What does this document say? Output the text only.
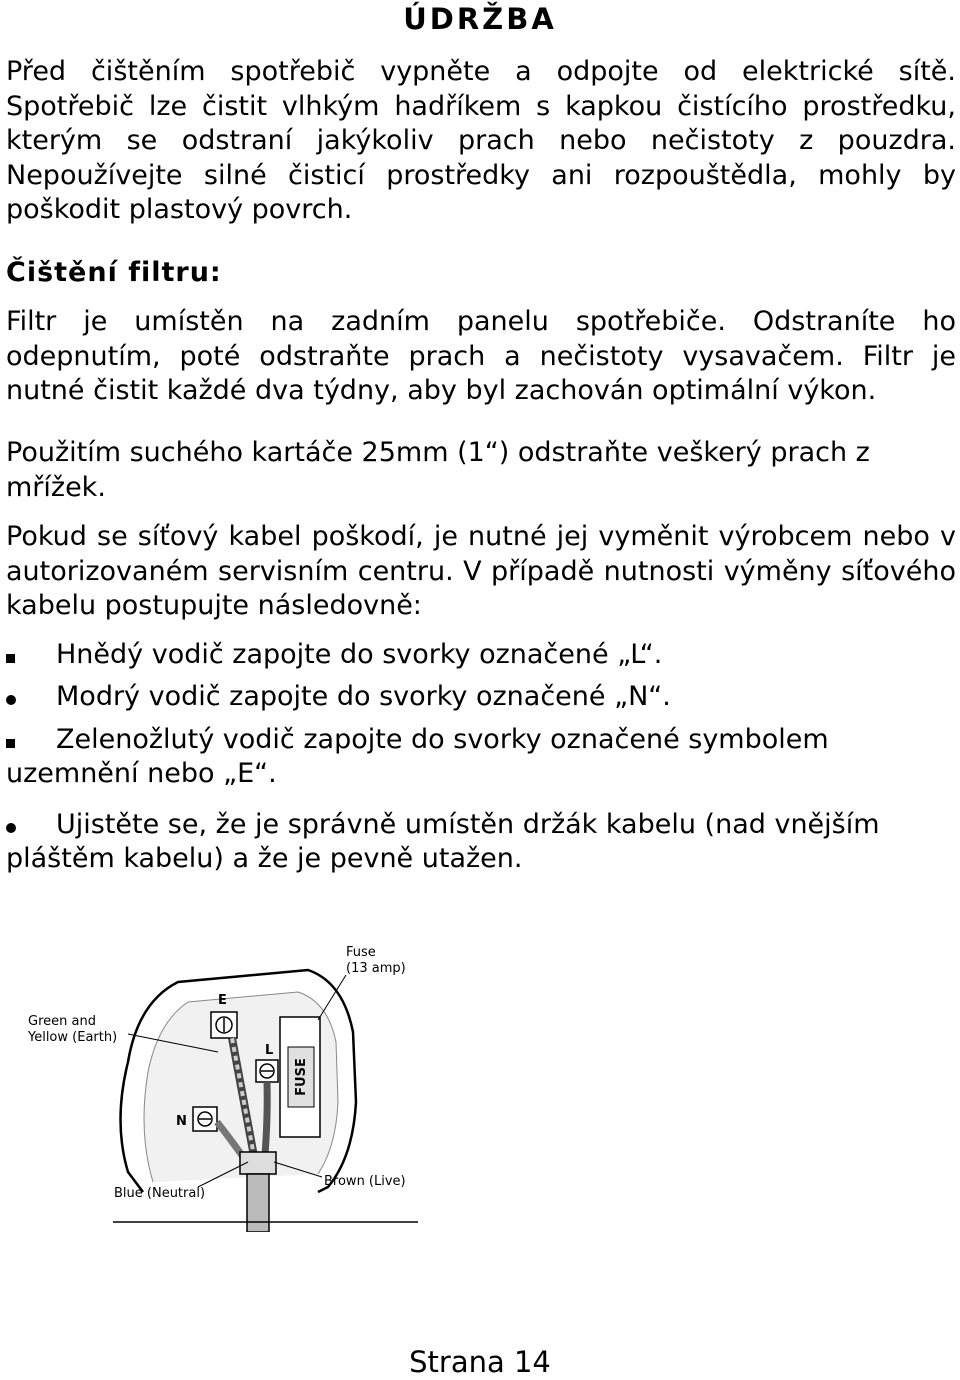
ÚDRŽBA

Před čištěním spotřebič vypněte a odpojte od elektrické sítě. Spotřebič lze čistit vlhkým hadříkem s kapkou čistícího prostředku, kterým se odstraní jakýkoliv prach nebo nečistoty z pouzdra. Nepoužívejte silné čisticí prostředky ani rozpouštědla, mohly by poškodit plastový povrch.

Čištění filtru:

Filtr je umístěn na zadním panelu spotřebiče. Odstraníte ho odepnutím, poté odstraňte prach a nečistoty vysavačem. Filtr je nutné čistit každé dva týdny, aby byl zachován optimální výkon.

Použitím suchého kartáče 25mm (1“) odstraňte veškerý prach z mřížek.

Pokud se síťový kabel poškodí, je nutné jej vyměnit výrobcem nebo v autorizovaném servisním centru. V případě nutnosti výměny síťového kabelu postupujte následovně:

Hnědý vodič zapojte do svorky označené „L“.
Modrý vodič zapojte do svorky označené „N“.
Zelenožlutý vodič zapojte do svorky označené symbolem
uzemnění nebo „E“.
Ujistěte se, že je správně umístěn držák kabelu (nad vnějším
pláštěm kabelu) a že je pevně utažen.
FUSE
E
L
N
Fuse
(13 amp)
Green and
Yellow (Earth)
Blue (Neutral)
Brown (Live)
Strana 14
